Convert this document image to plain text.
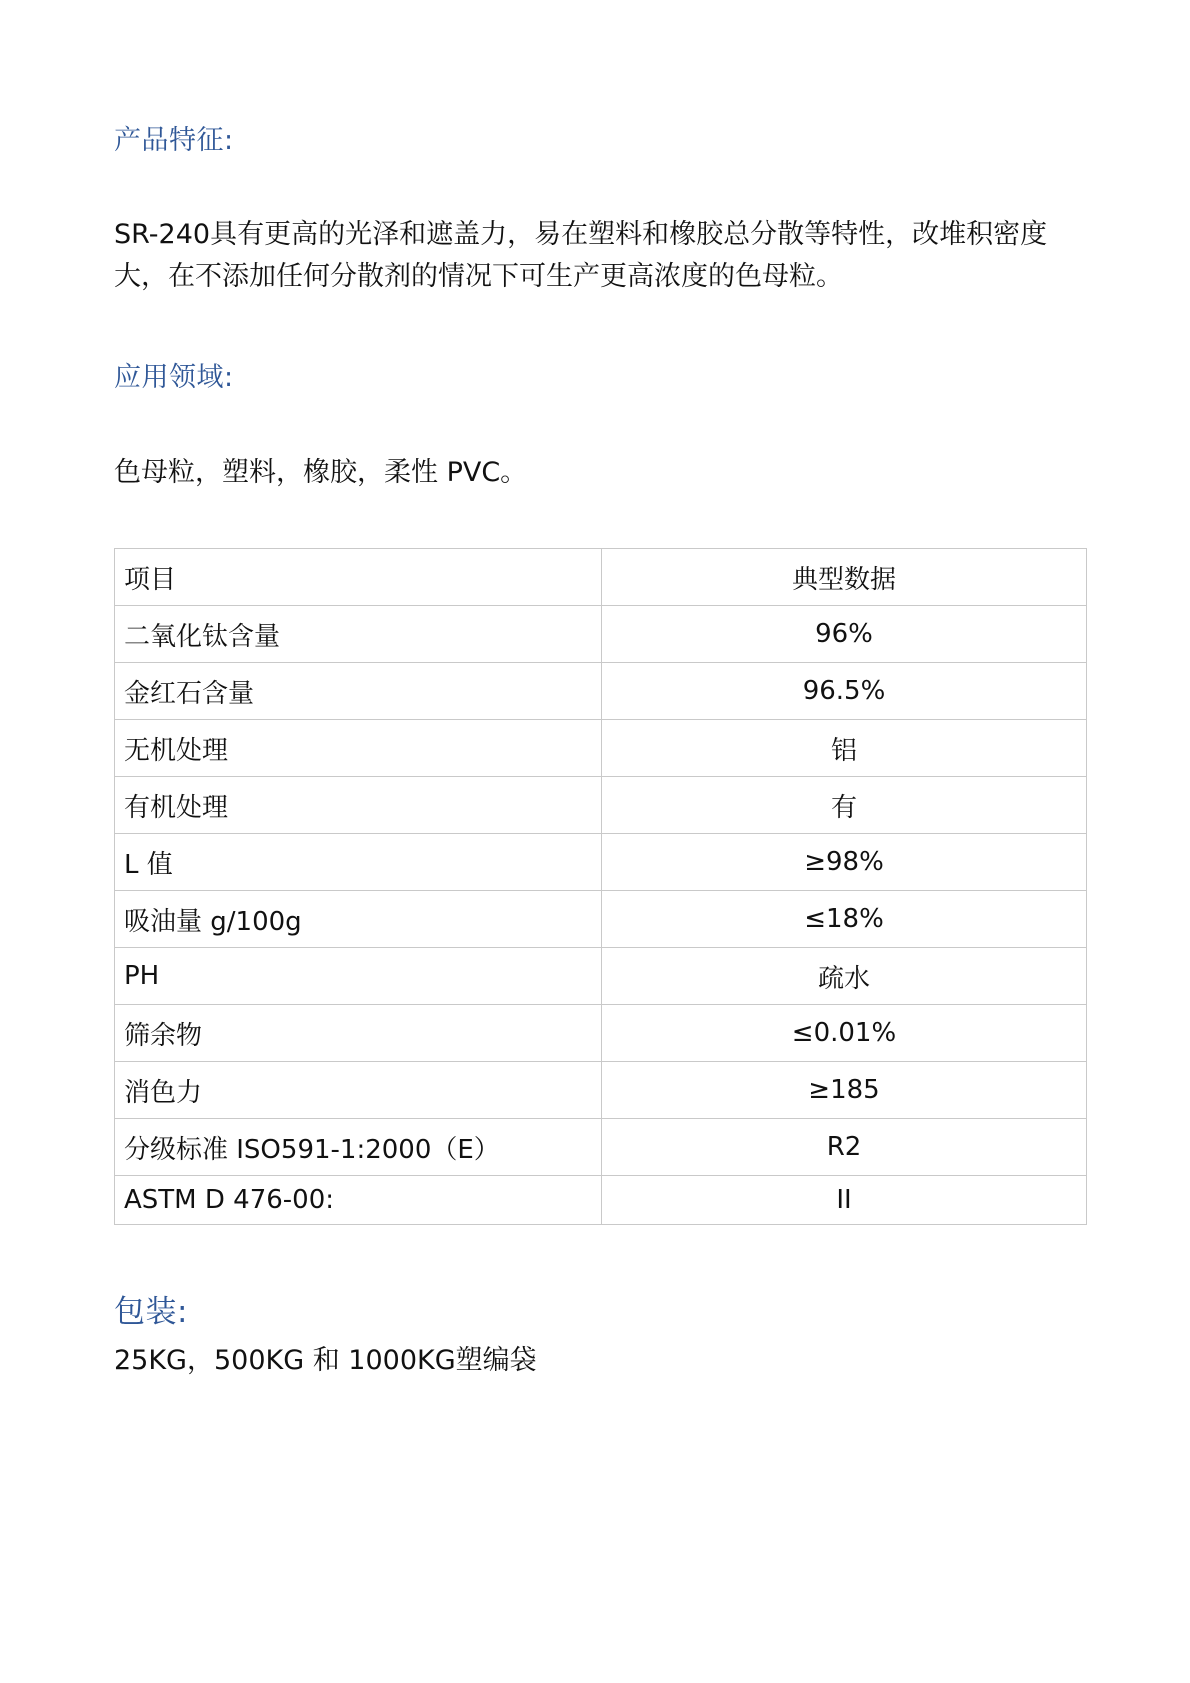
产品特征:
SR-240具有更高的光泽和遮盖力，易在塑料和橡胶总分散等特性，改堆积密度
大，在不添加任何分散剂的情况下可生产更高浓度的色母粒。
应用领域:
色母粒，塑料，橡胶，柔性 PVC。
项目	典型数据
二氧化钛含量	96%
金红石含量	96.5%
无机处理	铝
有机处理	有
L 值	≥98%
吸油量 g/100g	≤18%
PH	疏水
筛余物	≤0.01%
消色力	≥185
分级标准 ISO591-1:2000（E）	R2
ASTM D 476-00:	II
包装:
25KG，500KG 和 1000KG塑编袋
